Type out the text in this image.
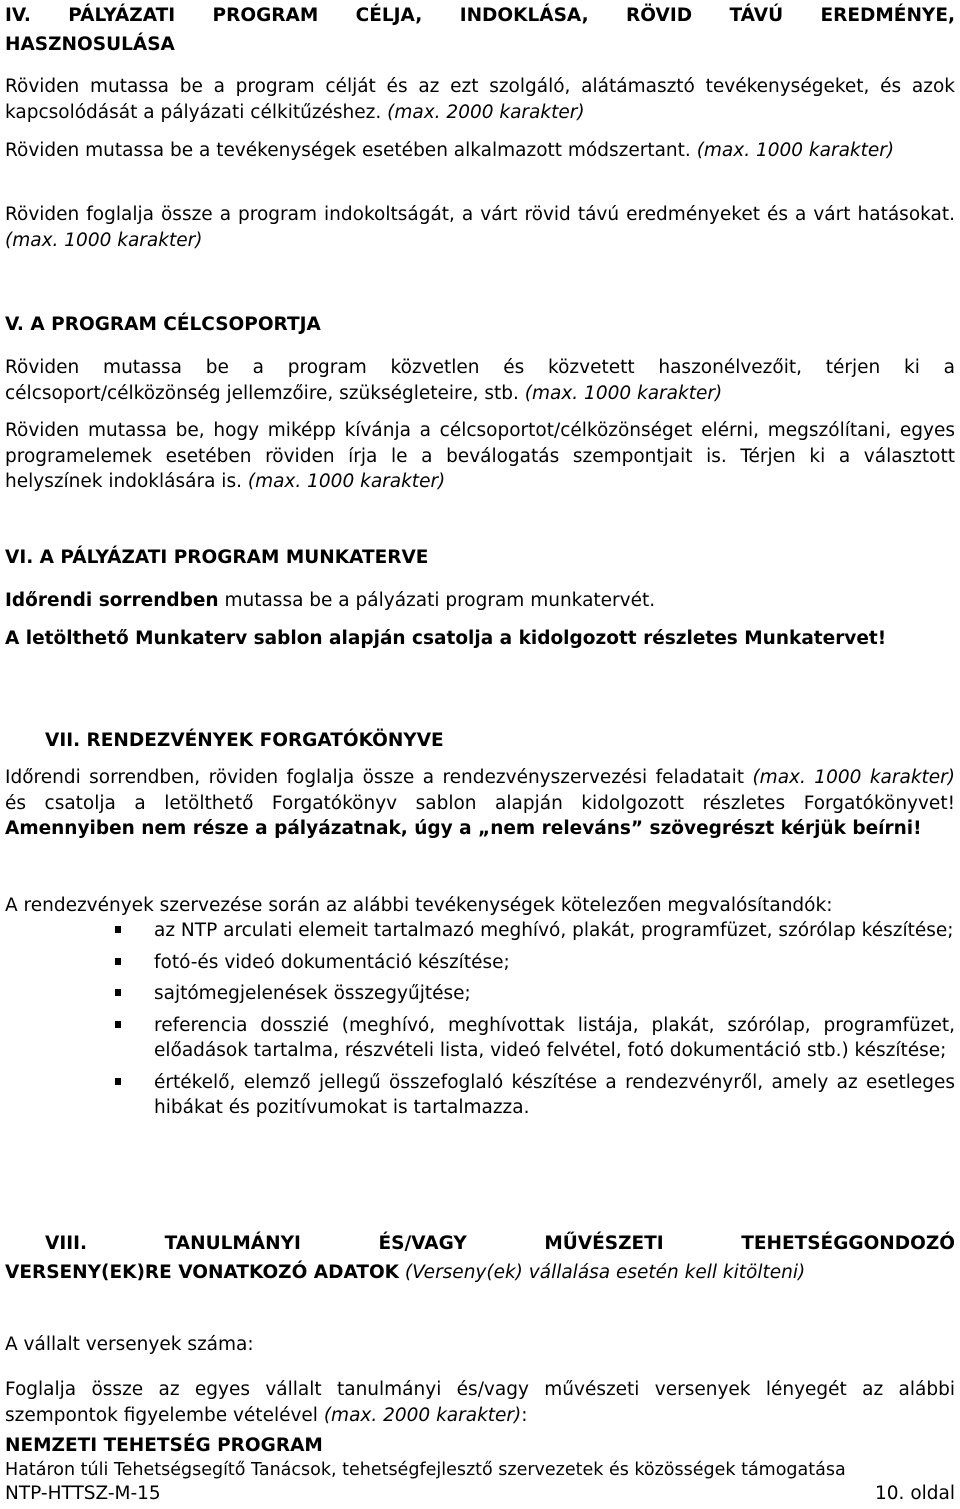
IV. PÁLYÁZATI PROGRAM CÉLJA, INDOKLÁSA, RÖVID TÁVÚ EREDMÉNYE,

HASZNOSULÁSA

Röviden mutassa be a program célját és az ezt szolgáló, alátámasztó tevékenységeket, és azok kapcsolódását a pályázati célkitűzéshez. (max. 2000 karakter)

Röviden mutassa be a tevékenységek esetében alkalmazott módszertant. (max. 1000 karakter)

Röviden foglalja össze a program indokoltságát, a várt rövid távú eredményeket és a várt hatásokat. (max. 1000 karakter)

V. A PROGRAM CÉLCSOPORTJA

Röviden mutassa be a program közvetlen és közvetett haszonélvezőit, térjen ki a célcsoport/célközönség jellemzőire, szükségleteire, stb. (max. 1000 karakter)

Röviden mutassa be, hogy miképp kívánja a célcsoportot/célközönséget elérni, megszólítani, egyes programelemek esetében röviden írja le a beválogatás szempontjait is. Térjen ki a választott helyszínek indoklására is. (max. 1000 karakter)

VI. A PÁLYÁZATI PROGRAM MUNKATERVE

Időrendi sorrendben mutassa be a pályázati program munkatervét.

A letölthető Munkaterv sablon alapján csatolja a kidolgozott részletes Munkatervet!

VII. RENDEZVÉNYEK FORGATÓKÖNYVE

Időrendi sorrendben, röviden foglalja össze a rendezvényszervezési feladatait (max. 1000 karakter) és csatolja a letölthető Forgatókönyv sablon alapján kidolgozott részletes Forgatókönyvet! Amennyiben nem része a pályázatnak, úgy a „nem releváns” szövegrészt kérjük beírni!

A rendezvények szervezése során az alábbi tevékenységek kötelezően megvalósítandók:

az NTP arculati elemeit tartalmazó meghívó, plakát, programfüzet, szórólap készítése;
fotó-és videó dokumentáció készítése;
sajtómegjelenések összegyűjtése;
referencia dosszié (meghívó, meghívottak listája, plakát, szórólap, programfüzet, előadások tartalma, részvételi lista, videó felvétel, fotó dokumentáció stb.) készítése;
értékelő, elemző jellegű összefoglaló készítése a rendezvényről, amely az esetleges hibákat és pozitívumokat is tartalmazza.

VIII. TANULMÁNYI ÉS/VAGY MŰVÉSZETI TEHETSÉGGONDOZÓ

VERSENY(EK)RE VONATKOZÓ ADATOK (Verseny(ek) vállalása esetén kell kitölteni)

A vállalt versenyek száma:

Foglalja össze az egyes vállalt tanulmányi és/vagy művészeti versenyek lényegét az alábbi szempontok figyelembe vételével (max. 2000 karakter):

NEMZETI TEHETSÉG PROGRAM

Határon túli Tehetségsegítő Tanácsok, tehetségfejlesztő szervezetek és közösségek támogatása

NTP-HTTSZ-M-15	10. oldal
